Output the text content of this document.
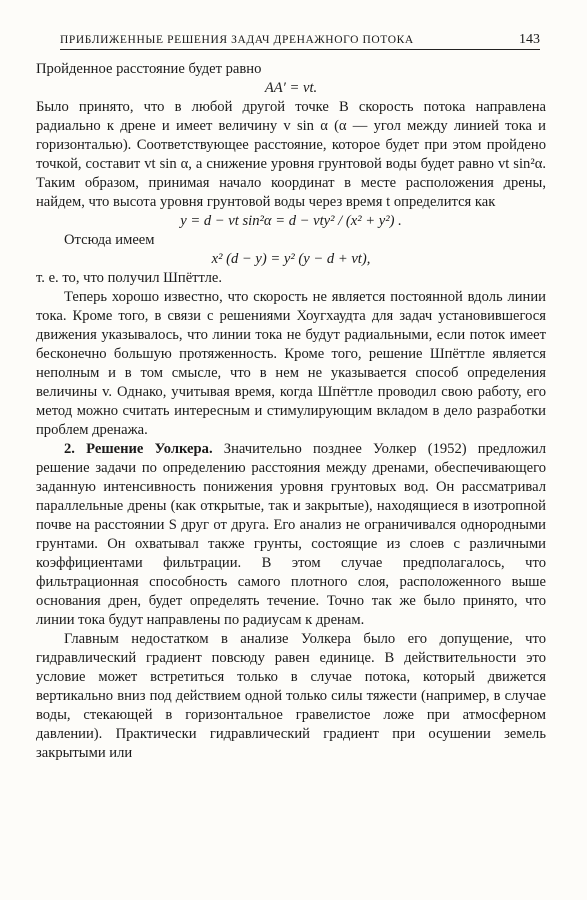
ПРИБЛИЖЕННЫЕ РЕШЕНИЯ ЗАДАЧ ДРЕНАЖНОГО ПОТОКА	143

Пройденное расстояние будет равно

AA′ = vt.

Было принято, что в любой другой точке B скорость потока направлена радиально к дрене и имеет величину v sin α (α — угол между линией тока и горизонталью). Соответствующее расстояние, которое будет при этом пройдено точкой, составит vt sin α, а снижение уровня грунтовой воды будет равно vt sin²α. Таким образом, принимая начало координат в месте расположения дрены, найдем, что высота уровня грунтовой воды через время t определится как

y = d − vt sin²α = d − vty² / (x² + y²) .

Отсюда имеем

x² (d − y) = y² (y − d + vt),

т. е. то, что получил Шпёттле.

Теперь хорошо известно, что скорость не является постоянной вдоль линии тока. Кроме того, в связи с решениями Хоугхаудта для задач установившегося движения указывалось, что линии тока не будут радиальными, если поток имеет бесконечно большую протяженность. Кроме того, решение Шпёттле является неполным и в том смысле, что в нем не указывается способ определения величины v. Однако, учитывая время, когда Шпёттле проводил свою работу, его метод можно считать интересным и стимулирующим вкладом в дело разработки проблем дренажа.

2. Решение Уолкера. Значительно позднее Уолкер (1952) предложил решение задачи по определению расстояния между дренами, обеспечивающего заданную интенсивность понижения уровня грунтовых вод. Он рассматривал параллельные дрены (как открытые, так и закрытые), находящиеся в изотропной почве на расстоянии S друг от друга. Его анализ не ограничивался однородными грунтами. Он охватывал также грунты, состоящие из слоев с различными коэффициентами фильтрации. В этом случае предполагалось, что фильтрационная способность самого плотного слоя, расположенного выше основания дрен, будет определять течение. Точно так же было принято, что линии тока будут направлены по радиусам к дренам.

Главным недостатком в анализе Уолкера было его допущение, что гидравлический градиент повсюду равен единице. В действительности это условие может встретиться только в случае потока, который движется вертикально вниз под действием одной только силы тяжести (например, в случае воды, стекающей в горизонтальное гравелистое ложе при атмосферном давлении). Практически гидравлический градиент при осушении земель закрытыми или
